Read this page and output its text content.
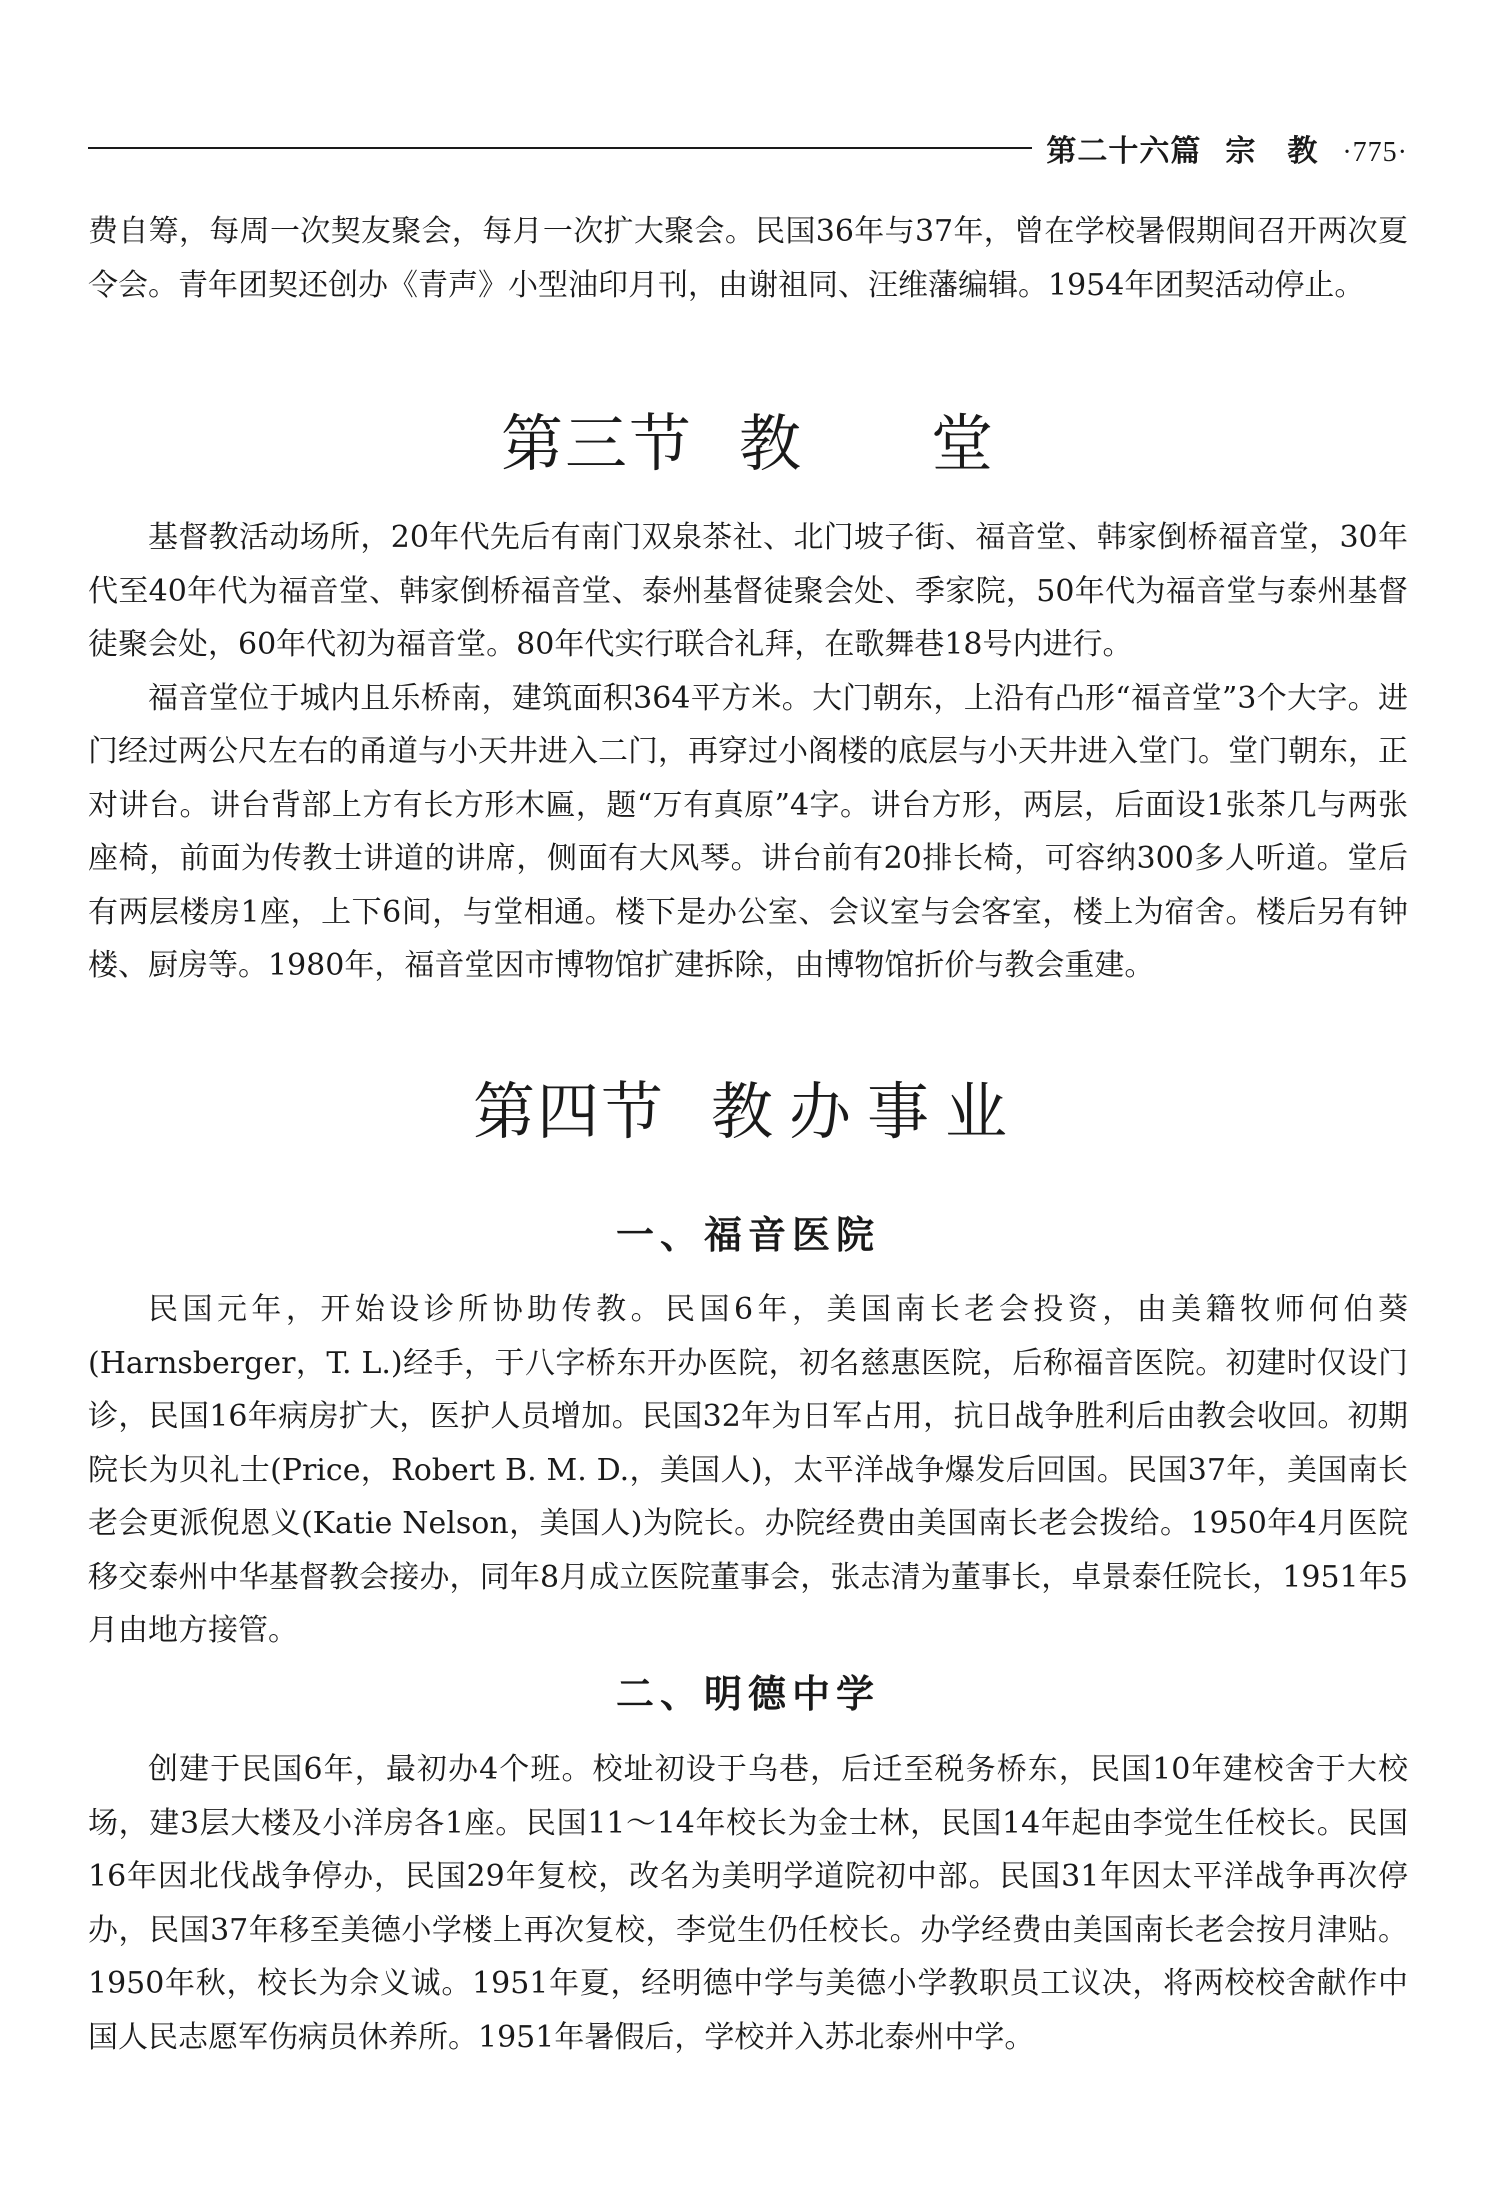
第二十六篇 宗　教 ·775·

费自筹，每周一次契友聚会，每月一次扩大聚会。民国36年与37年，曾在学校暑假期间召开两次夏令会。青年团契还创办《青声》小型油印月刊，由谢祖同、汪维藩编辑。1954年团契活动停止。

第三节 教　　堂

基督教活动场所，20年代先后有南门双泉茶社、北门坡子街、福音堂、韩家倒桥福音堂，30年代至40年代为福音堂、韩家倒桥福音堂、泰州基督徒聚会处、季家院，50年代为福音堂与泰州基督徒聚会处，60年代初为福音堂。80年代实行联合礼拜，在歌舞巷18号内进行。

福音堂位于城内且乐桥南，建筑面积364平方米。大门朝东，上沿有凸形“福音堂”3个大字。进门经过两公尺左右的甬道与小天井进入二门，再穿过小阁楼的底层与小天井进入堂门。堂门朝东，正对讲台。讲台背部上方有长方形木匾，题“万有真原”4字。讲台方形，两层，后面设1张茶几与两张座椅，前面为传教士讲道的讲席，侧面有大风琴。讲台前有20排长椅，可容纳300多人听道。堂后有两层楼房1座，上下6间，与堂相通。楼下是办公室、会议室与会客室，楼上为宿舍。楼后另有钟楼、厨房等。1980年，福音堂因市博物馆扩建拆除，由博物馆折价与教会重建。

第四节 教办事业
一、福音医院

民国元年，开始设诊所协助传教。民国6年，美国南长老会投资，由美籍牧师何伯葵(Harnsberger，T. L.)经手，于八字桥东开办医院，初名慈惠医院，后称福音医院。初建时仅设门诊，民国16年病房扩大，医护人员增加。民国32年为日军占用，抗日战争胜利后由教会收回。初期院长为贝礼士(Price，Robert B. M. D.，美国人)，太平洋战争爆发后回国。民国37年，美国南长老会更派倪恩义(Katie Nelson，美国人)为院长。办院经费由美国南长老会拨给。1950年4月医院移交泰州中华基督教会接办，同年8月成立医院董事会，张志清为董事长，卓景泰任院长，1951年5月由地方接管。

二、明德中学

创建于民国6年，最初办4个班。校址初设于乌巷，后迁至税务桥东，民国10年建校舍于大校场，建3层大楼及小洋房各1座。民国11～14年校长为金士林，民国14年起由李觉生任校长。民国16年因北伐战争停办，民国29年复校，改名为美明学道院初中部。民国31年因太平洋战争再次停办，民国37年移至美德小学楼上再次复校，李觉生仍任校长。办学经费由美国南长老会按月津贴。1950年秋，校长为佘义诚。1951年夏，经明德中学与美德小学教职员工议决，将两校校舍献作中国人民志愿军伤病员休养所。1951年暑假后，学校并入苏北泰州中学。
